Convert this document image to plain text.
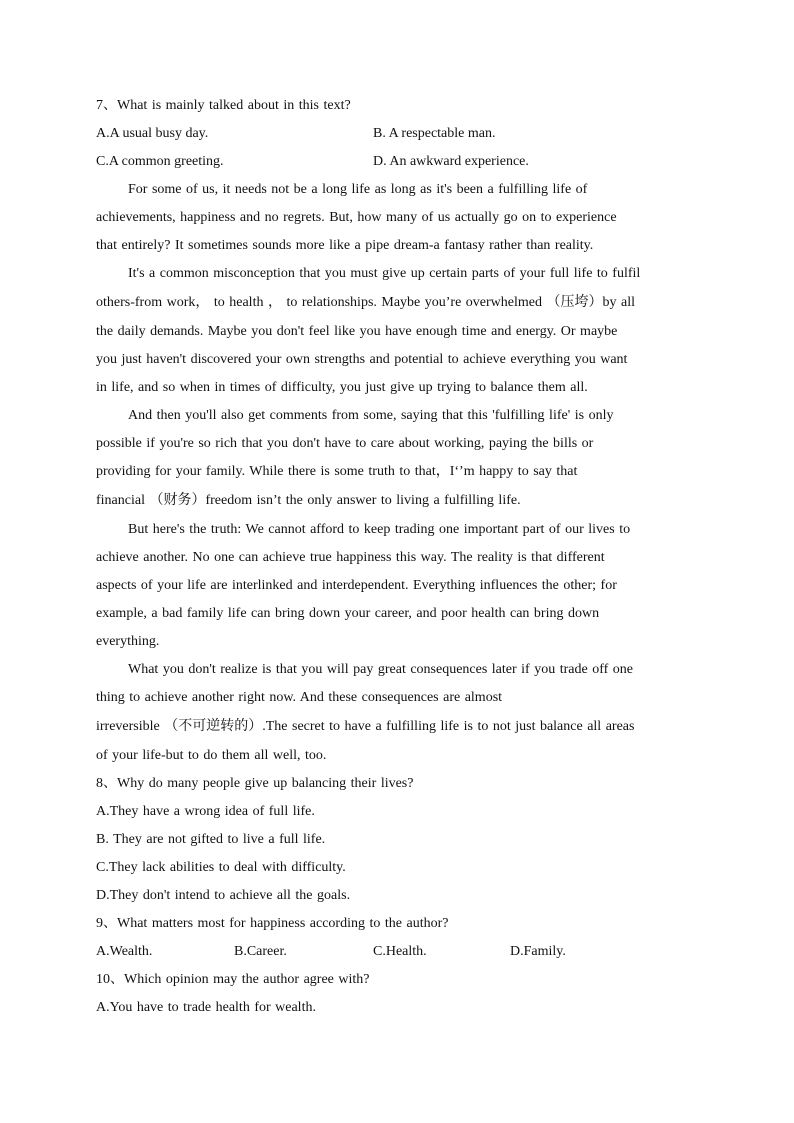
7、What is mainly talked about in this text?
A.A usual busy day.	B. A respectable man.
C.A common greeting.	D. An awkward experience.
For some of us, it needs not be a long life as long as it's been a fulfilling life of
achievements, happiness and no regrets. But, how many of us actually go on to experience
that entirely? It sometimes sounds more like a pipe dream-a fantasy rather than reality.
It's a common misconception that you must give up certain parts of your full life to fulfil
others-from work， to health ， to relationships. Maybe you’re overwhelmed （压垮）by all
the daily demands. Maybe you don't feel like you have enough time and energy. Or maybe
you just haven't discovered your own strengths and potential to achieve everything you want
in life, and so when in times of difficulty, you just give up trying to balance them all.
And then you'll also get comments from some, saying that this 'fulfilling life' is only
possible if you're so rich that you don't have to care about working, paying the bills or
providing for your family. While there is some truth to that，I‘’m happy to say that
financial （财务）freedom isn’t the only answer to living a fulfilling life.
But here's the truth: We cannot afford to keep trading one important part of our lives to
achieve another. No one can achieve true happiness this way. The reality is that different
aspects of your life are interlinked and interdependent. Everything influences the other; for
example, a bad family life can bring down your career, and poor health can bring down
everything.
What you don't realize is that you will pay great consequences later if you trade off one
thing to achieve another right now. And these consequences are almost
irreversible （不可逆转的）.The secret to have a fulfilling life is to not just balance all areas
of your life-but to do them all well, too.
8、Why do many people give up balancing their lives?
A.They have a wrong idea of full life.
B. They are not gifted to live a full life.
C.They lack abilities to deal with difficulty.
D.They don't intend to achieve all the goals.
9、What matters most for happiness according to the author?
A.Wealth.	B.Career.	C.Health.	D.Family.
10、Which opinion may the author agree with?
A.You have to trade health for wealth.
